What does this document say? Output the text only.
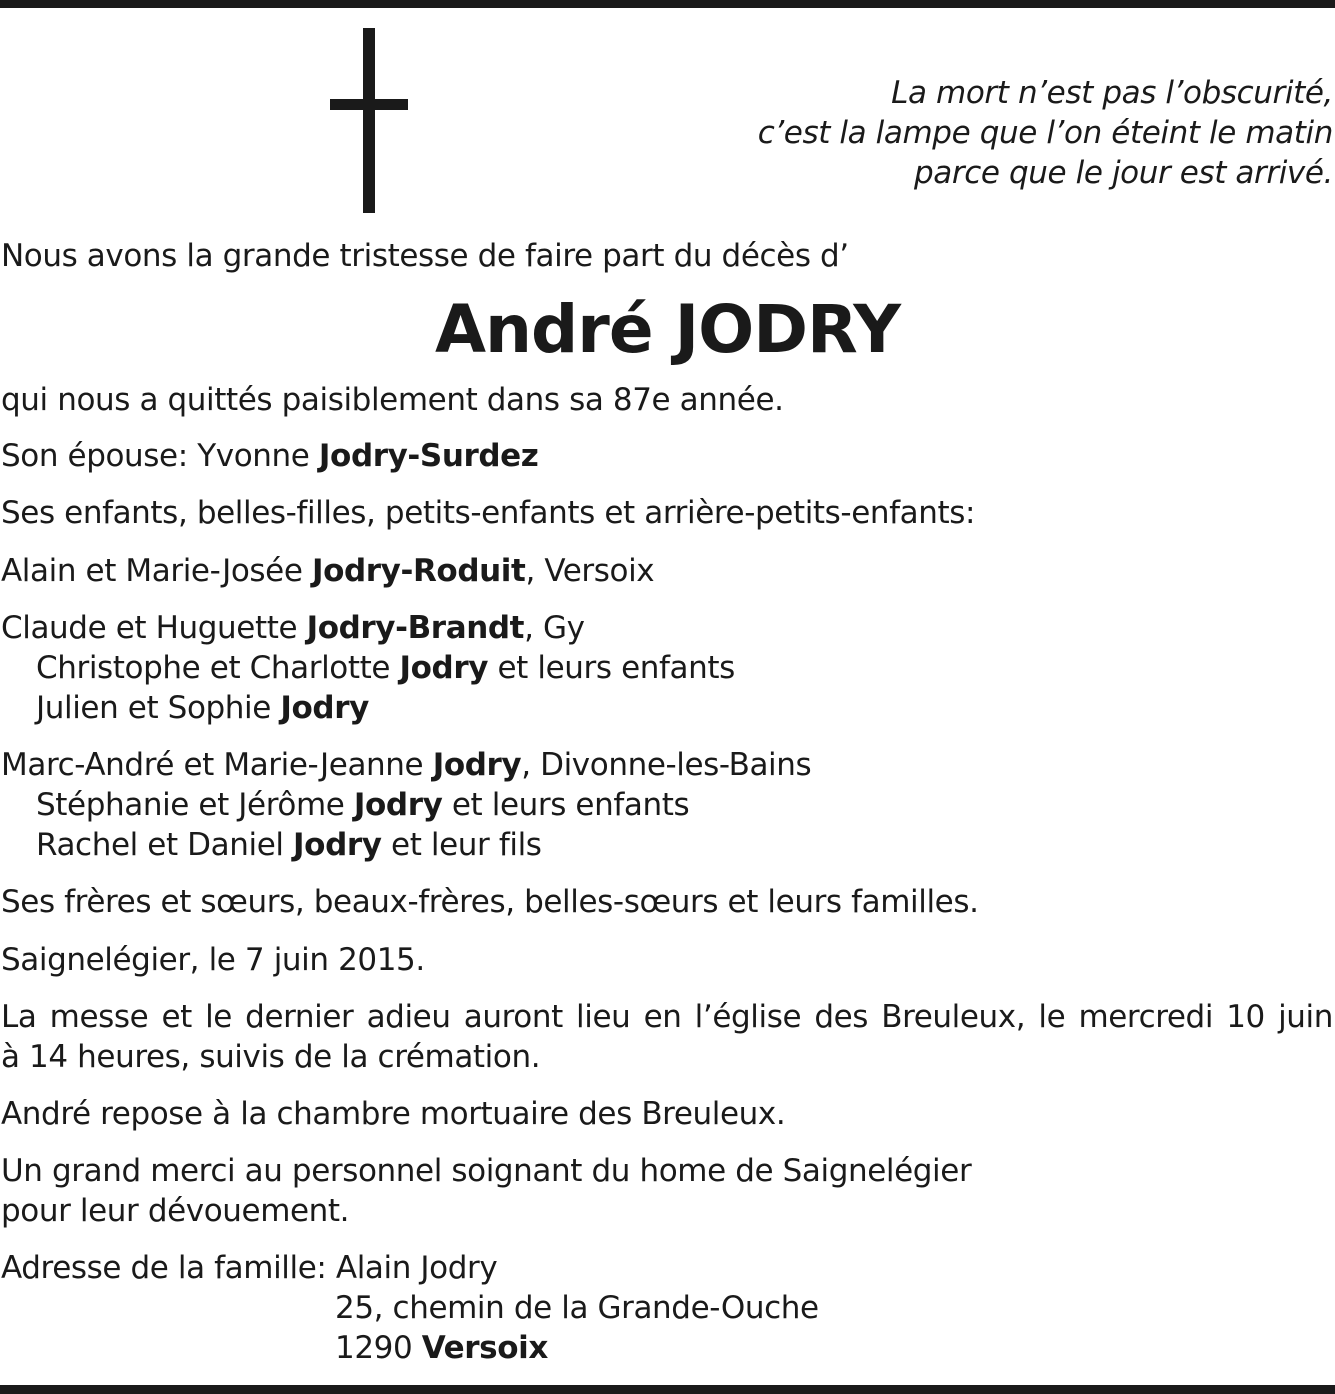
La mort n’est pas l’obscurité,
c’est la lampe que l’on éteint le matin
parce que le jour est arrivé.
Nous avons la grande tristesse de faire part du décès d’
André JODRY
qui nous a quittés paisiblement dans sa 87e année.
Son épouse: Yvonne Jodry-Surdez
Ses enfants, belles-filles, petits-enfants et arrière-petits-enfants:
Alain et Marie-Josée Jodry-Roduit, Versoix
Claude et Huguette Jodry-Brandt, Gy
Christophe et Charlotte Jodry et leurs enfants
Julien et Sophie Jodry
Marc-André et Marie-Jeanne Jodry, Divonne-les-Bains
Stéphanie et Jérôme Jodry et leurs enfants
Rachel et Daniel Jodry et leur fils
Ses frères et sœurs, beaux-frères, belles-sœurs et leurs familles.
Saignelégier, le 7 juin 2015.
La messe et le dernier adieu auront lieu en l’église des Breuleux, le mercredi 10 juin
à 14 heures, suivis de la crémation.
André repose à la chambre mortuaire des Breuleux.
Un grand merci au personnel soignant du home de Saignelégier
pour leur dévouement.
Adresse de la famille: Alain Jodry
25, chemin de la Grande-Ouche
1290 Versoix
